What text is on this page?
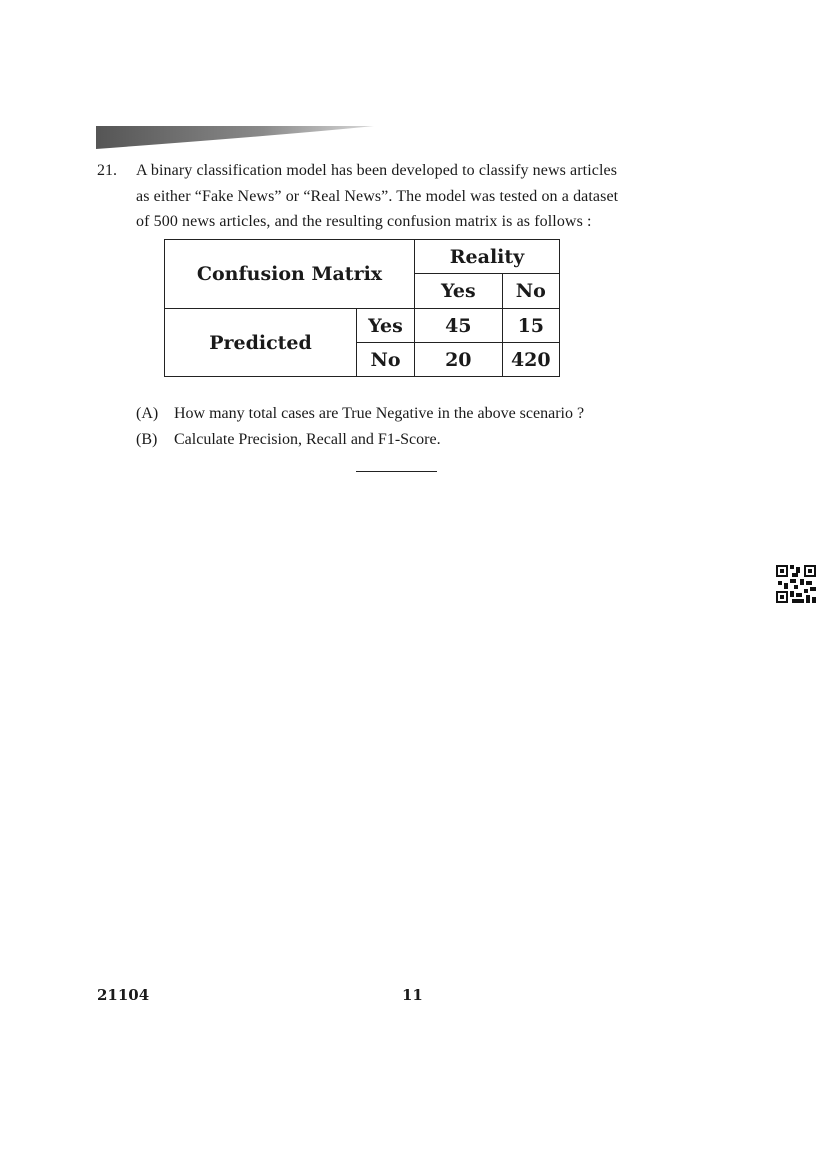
21. A binary classification model has been developed to classify news articles
as either “Fake News” or “Real News”. The model was tested on a dataset
of 500 news articles, and the resulting confusion matrix is as follows :
Confusion Matrix		Reality	
		Yes	No
Predicted	Yes	45	15
	No	20	420
(A) How many total cases are True Negative in the above scenario ?
(B) Calculate Precision, Recall and F1-Score.
21104	11
